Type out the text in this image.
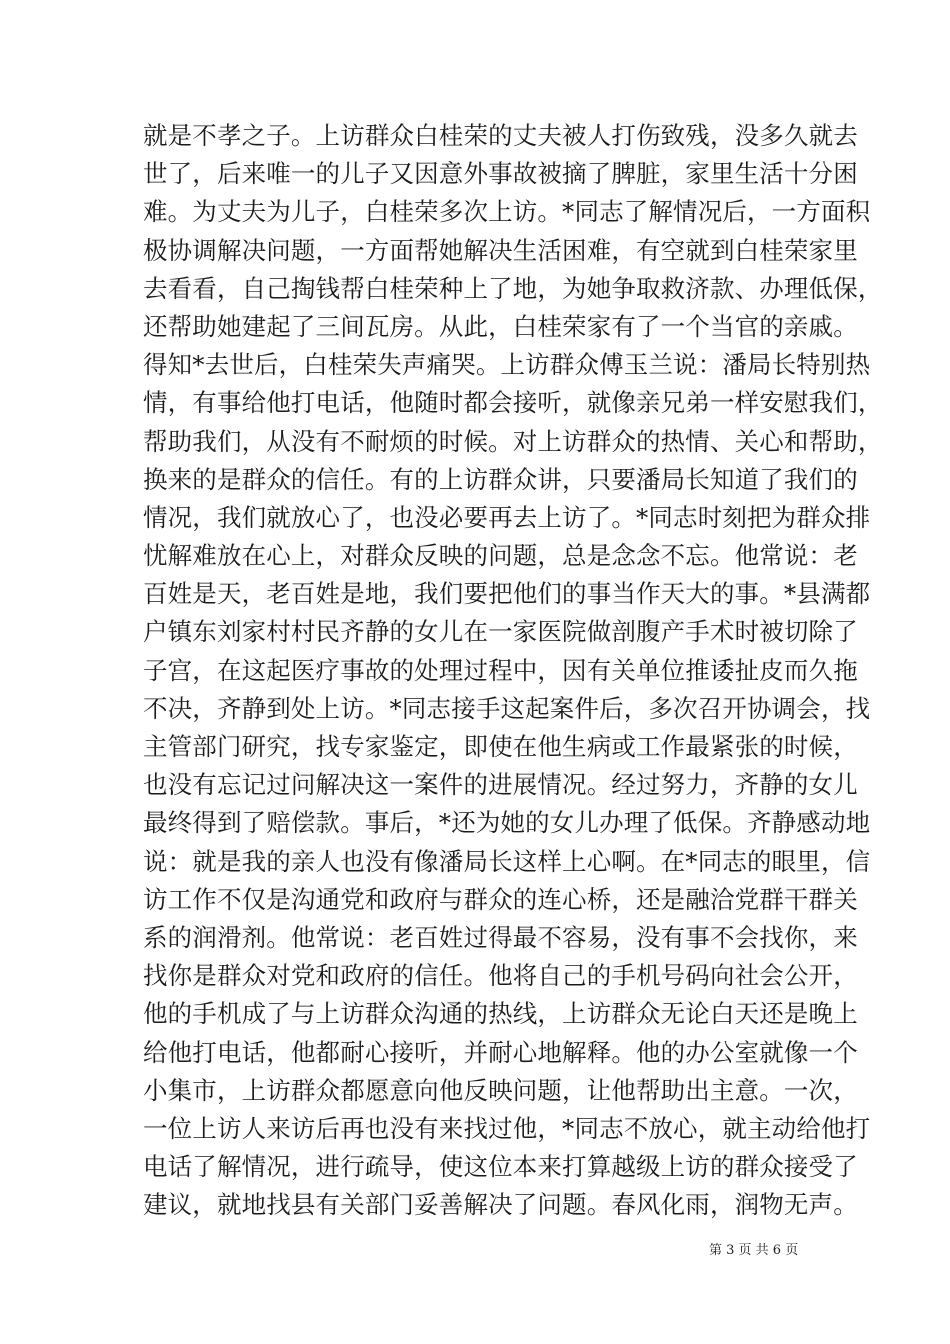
就是不孝之子。上访群众白桂荣的丈夫被人打伤致残，没多久就去
世了，后来唯一的儿子又因意外事故被摘了脾脏，家里生活十分困
难。为丈夫为儿子，白桂荣多次上访。*同志了解情况后，一方面积
极协调解决问题，一方面帮她解决生活困难，有空就到白桂荣家里
去看看，自己掏钱帮白桂荣种上了地，为她争取救济款、办理低保，
还帮助她建起了三间瓦房。从此，白桂荣家有了一个当官的亲戚。
得知*去世后，白桂荣失声痛哭。上访群众傅玉兰说：潘局长特别热
情，有事给他打电话，他随时都会接听，就像亲兄弟一样安慰我们，
帮助我们，从没有不耐烦的时候。对上访群众的热情、关心和帮助，
换来的是群众的信任。有的上访群众讲，只要潘局长知道了我们的
情况，我们就放心了，也没必要再去上访了。*同志时刻把为群众排
忧解难放在心上，对群众反映的问题，总是念念不忘。他常说：老
百姓是天，老百姓是地，我们要把他们的事当作天大的事。*县满都
户镇东刘家村村民齐静的女儿在一家医院做剖腹产手术时被切除了
子宫，在这起医疗事故的处理过程中，因有关单位推诿扯皮而久拖
不决，齐静到处上访。*同志接手这起案件后，多次召开协调会，找
主管部门研究，找专家鉴定，即使在他生病或工作最紧张的时候，
也没有忘记过问解决这一案件的进展情况。经过努力，齐静的女儿
最终得到了赔偿款。事后，*还为她的女儿办理了低保。齐静感动地
说：就是我的亲人也没有像潘局长这样上心啊。在*同志的眼里，信
访工作不仅是沟通党和政府与群众的连心桥，还是融洽党群干群关
系的润滑剂。他常说：老百姓过得最不容易，没有事不会找你，来
找你是群众对党和政府的信任。他将自己的手机号码向社会公开，
他的手机成了与上访群众沟通的热线，上访群众无论白天还是晚上
给他打电话，他都耐心接听，并耐心地解释。他的办公室就像一个
小集市，上访群众都愿意向他反映问题，让他帮助出主意。一次，
一位上访人来访后再也没有来找过他，*同志不放心，就主动给他打
电话了解情况，进行疏导，使这位本来打算越级上访的群众接受了
建议，就地找县有关部门妥善解决了问题。春风化雨，润物无声。
第 3 页 共 6 页
